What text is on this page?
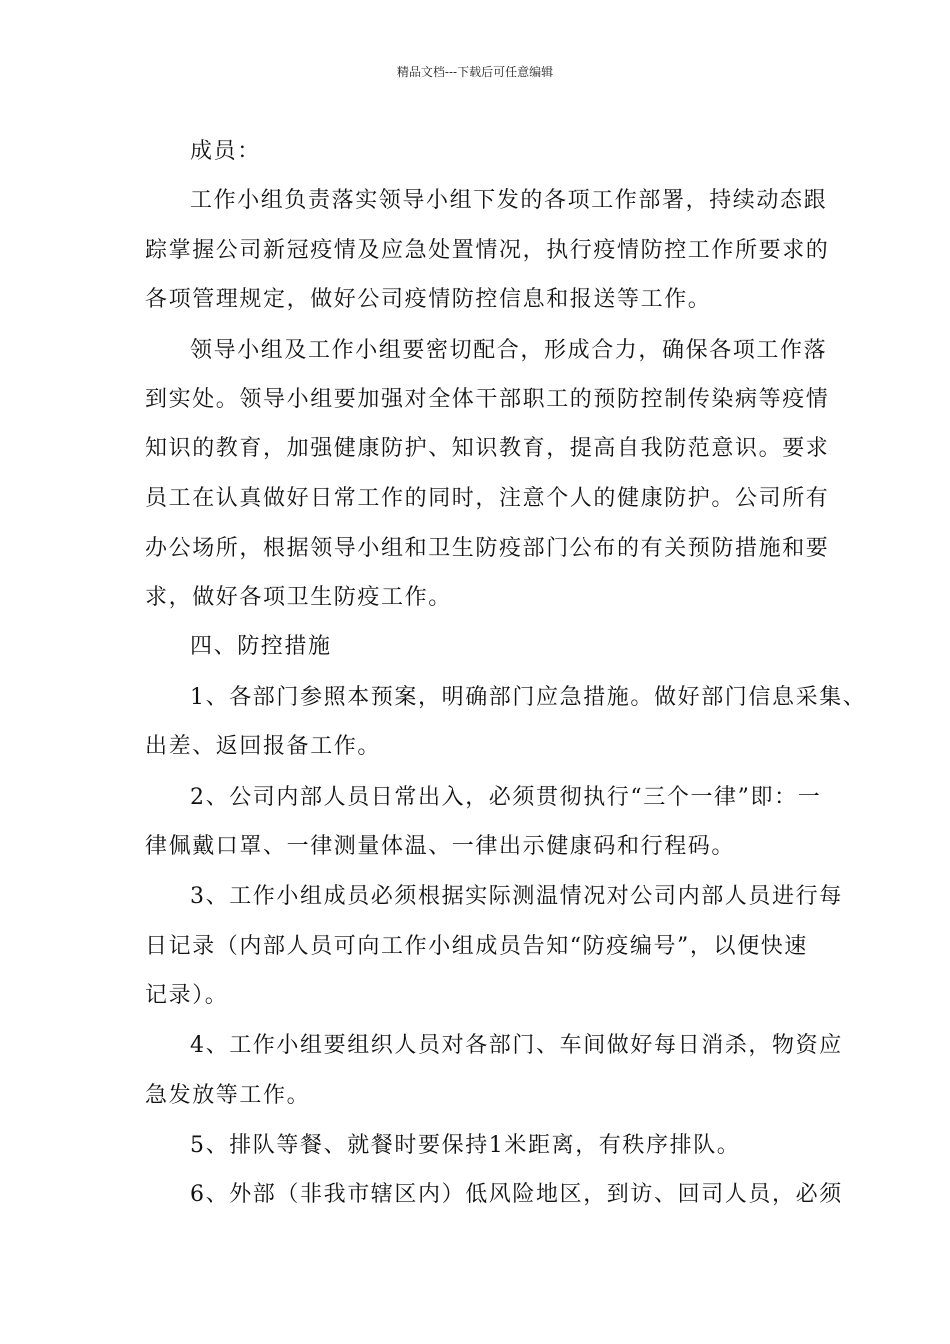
精品文档---下载后可任意编辑
成员：
工作小组负责落实领导小组下发的各项工作部署，持续动态跟
踪掌握公司新冠疫情及应急处置情况，执行疫情防控工作所要求的
各项管理规定，做好公司疫情防控信息和报送等工作。
领导小组及工作小组要密切配合，形成合力，确保各项工作落
到实处。领导小组要加强对全体干部职工的预防控制传染病等疫情
知识的教育，加强健康防护、知识教育，提高自我防范意识。要求
员工在认真做好日常工作的同时，注意个人的健康防护。公司所有
办公场所，根据领导小组和卫生防疫部门公布的有关预防措施和要
求，做好各项卫生防疫工作。
四、防控措施
1、各部门参照本预案，明确部门应急措施。做好部门信息采集、
出差、返回报备工作。
2、公司内部人员日常出入，必须贯彻执行“三个一律”即：一
律佩戴口罩、一律测量体温、一律出示健康码和行程码。
3、工作小组成员必须根据实际测温情况对公司内部人员进行每
日记录（内部人员可向工作小组成员告知“防疫编号”，以便快速
记录）。
4、工作小组要组织人员对各部门、车间做好每日消杀，物资应
急发放等工作。
5、排队等餐、就餐时要保持1米距离，有秩序排队。
6、外部（非我市辖区内）低风险地区，到访、回司人员，必须
